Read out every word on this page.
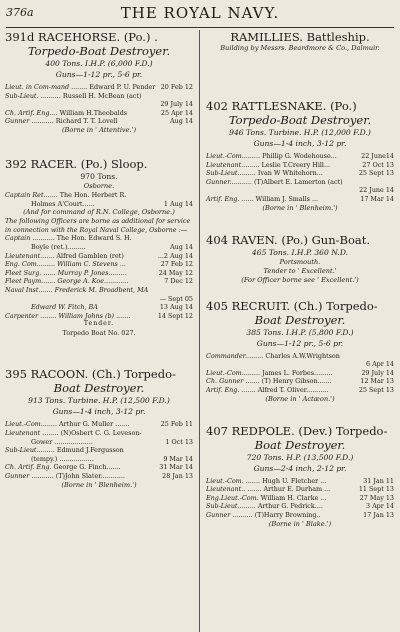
376a	THE ROYAL NAVY.
391d RACEHORSE. (Po.) .
Torpedo-Boat Destroyer.
400 Tons. I.H.P. (6,000 F.D.)
Guns—1-12 pr., 5-6 pr.
Lieut. in Com-mand ........ Edward P. U. Pender 20 Feb 12
Sub-Lieut. .......... Russell H. McBean (act)

29 July 14
Ch. Artif. Eng.... William H.Theobalds	25 Apr 14
Gunner ........... Richard T. T. Lovell	Aug 14
(Borne in ' Attentive.')
392 RACER. (Po.) Sloop.
970 Tons.
Osborne.
Captain Ret....... The Hon. Herbert R.
Holmes A'Court......	1 Aug 14
(And for command of R.N. College, Osborne.)
The following Officers are borne as additional for service in connection with the Royal Naval College, Osborne :—
Captain ........... The Hon. Edward S. H.
Boyle (ret.).........	Aug 14
Lieutenant....... Alfred Gamblen (ret)	...2 Aug 14
Eng. Com......... William C. Stevens ...	27 Feb 12
Fleet Surg. ...... Murray P. Jones.........	24 May 12
Fleet Paym....... George A. Koe............	7 Dec 12
Naval Inst....... Frederick M. Broadbent, MA

— Sept 05
Edward W. Fitch, BA	13 Aug 14
Carpenter ........ William Johns (b) .......	14 Sept 12
Tender.
Torpedo Boat No. 027.
395 RACOON. (Ch.) Torpedo-
Boat Destroyer.
913 Tons. Turbine. H.P. (12,500 F.D.)
Guns—1-4 inch, 3-12 pr.
Lieut.-Com........ Arthur G. Muller .......	25 Feb 11
Lieutenant ........ (N)Osbert C. G. Leveson-
Gower ...................	1 Oct 13
Sub-Lieut......... Edmund J.Fergusson
(tempy.) .................	9 Mar 14
Ch. Artif. Eng. George G. Finch.......	31 Mar 14
Gunner ........... (T)John Slater............	28 Jan 13
(Borne in ' Blenheim.')
RAMILLIES. Battleship.
Building by Messrs. Beardmore & Co., Dalmuir.
402 RATTLESNAKE. (Po.)
Torpedo-Boat Destroyer.
946 Tons. Turbine. H.P. (12,000 F.D.)
Guns—1-4 inch, 3-12 pr.
Lieut.-Com......... Phillip G. Wodehouse...	22 June14
Lieutenant......... Leslie T.Creery Hill...	27 Oct 13
Sub-Lieut......... Ivan W Whitehorn...	25 Sept 13
Gunner........... (T)Albert E. Lamerton (act)

22 June 14
Artif. Eng. ...... William J. Smalls ...	17 Mar 14
(Borne in ' Blenheim.')
404 RAVEN. (Po.) Gun-Boat.
465 Tons. I.H.P. 360 N.D.
Portsmouth.
Tender to ' Excellent.'
(For Officer borne see ' Excellent.')
405 RECRUIT. (Ch.) Torpedo-
Boat Destroyer.
385 Tons. I.H.P. (5,800 F.D.)
Guns—1-12 pr., 5-6 pr.
Commander......... Charles A.W.Wrightson

6 Apr 14
Lieut.-Com......... James L. Forbes.........	29 July 14
Ch. Gunner ....... (T) Henry Gibson.......	12 Mar 13
Artif. Eng. ....... Alfred T. Oliver...........	25 Sept 13
(Borne in ' Actæon.')
407 REDPOLE. (Dev.) Torpedo-
Boat Destroyer.
720 Tons. H.P. (13,500 F.D.)
Guns—2-4 inch, 2-12 pr.
Lieut.-Com. ....... Hugh U. Fletcher ...	31 Jan 11
Lieutenant.. ....... Arthur E. Durham ...	11 Sept 13
Eng.Lieut.-Com. William H. Clarke ...	27 May 13
Sub-Lieut......... Arthur G. Pedrick....	3 Apr 14
Gunner .......... (T)Harry Browning..	17 Jan 13
(Borne in ' Blake.')
